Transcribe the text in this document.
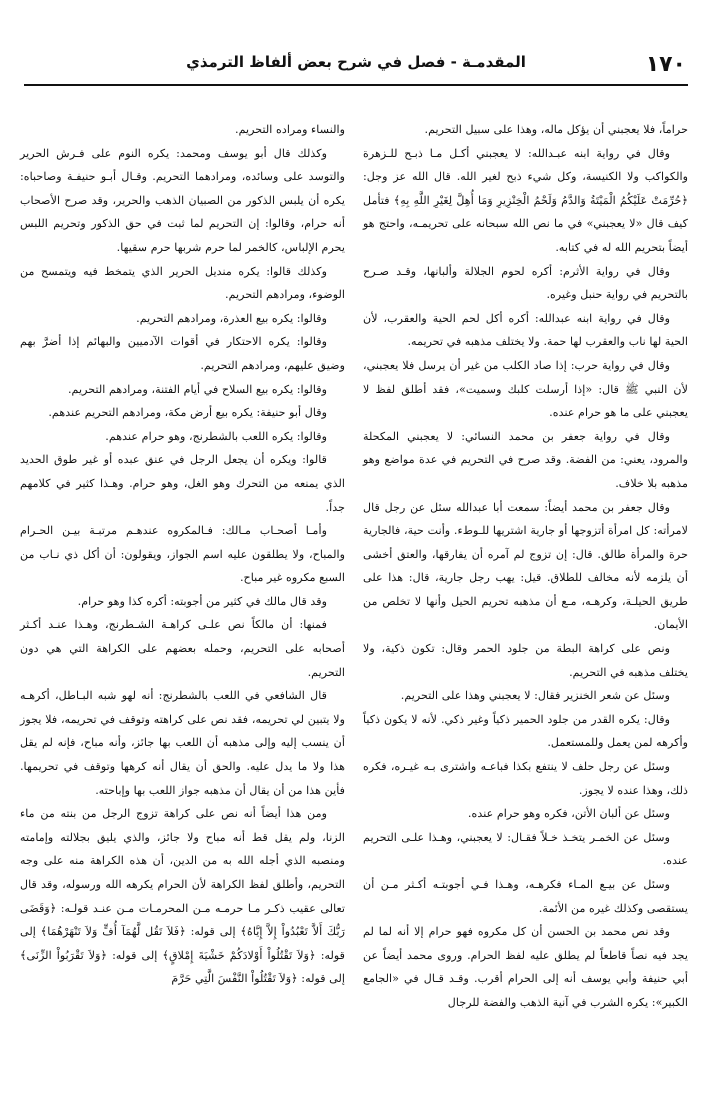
١٧٠
المقدمـة - فصل في شرح بعض ألفاظ الترمذي

حراماً، فلا يعجبني أن يؤكل ماله، وهذا على سبيل التحريم.

وقال في رواية ابنه عبـدالله: لا يعجبني أكـل مـا ذبـح للـزهرة والكواكب ولا الكنيسة، وكل شيء ذبح لغير الله. قال الله عز وجل: ﴿حُرِّمَتْ عَلَيْكُمُ الْمَيْتَةُ وَالدَّمُ وَلَحْمُ الْخِنْزِيرِ وَمَا أُهِلَّ لِغَيْرِ اللَّهِ بِهِ﴾ فتأمل كيف قال «لا يعجبني» في ما نص الله سبحانه على تحريمـه، واحتج هو أيضاً بتحريم الله له في كتابه.

وقال في رواية الأثرم: أكره لحوم الجلالة وألبانها، وقـد صـرح بالتحريم في رواية حنبل وغيره.

وقال في رواية ابنه عبدالله: أكره أكل لحم الحية والعقرب، لأن الحية لها ناب والعقرب لها حمة. ولا يختلف مذهبه في تحريمه.

وقال في رواية حرب: إذا صاد الكلب من غير أن يرسل فلا يعجبني، لأن النبي ﷺ قال: «إذا أرسلت كلبك وسميت»، فقد أطلق لفظ لا يعجبني على ما هو حرام عنده.

وقال في رواية جعفر بن محمد النسائي: لا يعجبني المكحلة والمرود، يعني: من الفضة. وقد صرح في التحريم في عدة مواضع وهو مذهبه بلا خلاف.

وقال جعفر بن محمد أيضاً: سمعت أبا عبدالله سئل عن رجل قال لامرأته: كل امرأة أتزوجها أو جارية اشتريها للـوطء. وأنت حية، فالجارية حرة والمرأة طالق. قال: إن تزوج لم آمره أن يفارقها، والعتق أخشى أن يلزمه لأنه مخالف للطلاق. قيل: يهب رجل جارية، قال: هذا على طريق الحيلـة، وكرهـه، مـع أن مذهبه تحريم الحيل وأنها لا تخلص من الأيمان.

ونص على كراهة البطة من جلود الحمر وقال: تكون ذكية، ولا يختلف مذهبه في التحريم.

وسئل عن شعر الخنزير فقال: لا يعجبني وهذا على التحريم.

وقال: يكره القدر من جلود الحمير ذكياً وغير ذكي. لأنه لا يكون ذكياً وأكرهه لمن يعمل وللمستعمل.

وسئل عن رجل حلف لا ينتفع بكذا فباعـه واشترى بـه غيـره، فكره ذلك، وهذا عنده لا يجوز.

وسئل عن ألبان الأتن، فكره وهو حرام عنده.

وسئل عن الخمـر يتخـذ خـلاً فقـال: لا يعجبني، وهـذا علـى التحريم عنده.

وسئل عن بيـع المـاء فكرهـه، وهـذا فـي أجوبتـه أكـثر مـن أن يستقصى وكذلك غيره من الأئمة.

وقد نص محمد بن الحسن أن كل مكروه فهو حرام إلا أنه لما لم يجد فيه نصاً قاطعاً لم يطلق عليه لفظ الحرام. وروى محمد أيضاً عن أبي حنيفة وأبي يوسف أنه إلى الحرام أقرب. وقـد قـال في «الجامع الكبير»: يكره الشرب في آنية الذهب والفضة للرجال

والنساء ومراده التحريم.

وكذلك قال أبو يوسف ومحمد: يكره النوم على فـرش الحرير والتوسد على وسائده، ومرادهما التحريم. وقـال أبـو حنيفـة وصاحباه: يكره أن يلبس الذكور من الصبيان الذهب والحرير، وقد صرح الأصحاب أنه حرام، وقالوا: إن التحريم لما ثبت في حق الذكور وتحريم اللبس يحرم الإلباس، كالخمر لما حرم شربها حرم سقيها.

وكذلك قالوا: يكره منديل الحرير الذي يتمخط فيه ويتمسح من الوضوء، ومرادهم التحريم.

وقالوا: يكره بيع العذرة، ومرادهم التحريم.

وقالوا: يكره الاحتكار في أقوات الآدميين والبهائم إذا أضرَّ بهم وضيق عليهم، ومرادهم التحريم.

وقالوا: يكره بيع السلاح في أيام الفتنة، ومرادهم التحريم.

وقال أبو حنيفة: يكره بيع أرض مكة، ومرادهم التحريم عندهم.

وقالوا: يكره اللعب بالشطرنج، وهو حرام عندهم.

قالوا: ويكره أن يجعل الرجل في عنق عبده أو غير طوق الحديد الذي يمنعه من التحرك وهو الغل، وهو حرام. وهـذا كثير في كلامهم جداً.

وأمـا أصحـاب مـالك: فـالمكروه عندهـم مرتبـة بيـن الحـرام والمباح، ولا يطلقون عليه اسم الجواز، ويقولون: أن أكل ذي نـاب من السبع مكروه غير مباح.

وقد قال مالك في كثير من أجوبته: أكره كذا وهو حرام.

فمنها: أن مالكاً نص علـى كراهـة الشـطرنج، وهـذا عنـد أكـثر أصحابه على التحريم، وحمله بعضهم على الكراهة التي هي دون التحريم.

قال الشافعي في اللعب بالشطرنج: أنه لهو شبه البـاطل، أكرهـه ولا يتبين لي تحريمه، فقد نص على كراهته وتوقف في تحريمه، فلا يجوز أن ينسب إليه وإلى مذهبه أن اللعب بها جائز، وأنه مباح، فإنه لم يقل هذا ولا ما يدل عليه. والحق أن يقال أنه كرهها وتوقف في تحريمها. فأين هذا من أن يقال أن مذهبه جواز اللعب بها وإباحته.

ومن هذا أيضاً أنه نص على كراهة تزوج الرجل من بنته من ماء الزنا، ولم يقل قط أنه مباح ولا جائز، والذي يليق بجلالته وإمامته ومنصبه الذي أجله الله به من الدين، أن هذه الكراهة منه على وجه التحريم، وأطلق لفظ الكراهة لأن الحرام يكرهه الله ورسوله، وقد قال تعالى عقيب ذكـر مـا حرمـه مـن المحرمـات مـن عنـد قولـه: ﴿وَقَضَى رَبُّكَ أَلاَّ تَعْبُدُواْ إِلاَّ إِيَّاهُ﴾ إلى قوله: ﴿فَلاَ تَقُل لَّهُمَآ أُفٍّ وَلاَ تَنْهَرْهُمَا﴾ إلى قوله: ﴿وَلاَ تَقْتُلُواْ أَوْلادَكُمْ خَشْيَةَ إِمْلاقٍ﴾ إلى قوله: ﴿وَلاَ تَقْرَبُواْ الزِّنَى﴾ إلى قوله: ﴿وَلاَ تَقْتُلُواْ النَّفْسَ الَّتِي حَرَّمَ
